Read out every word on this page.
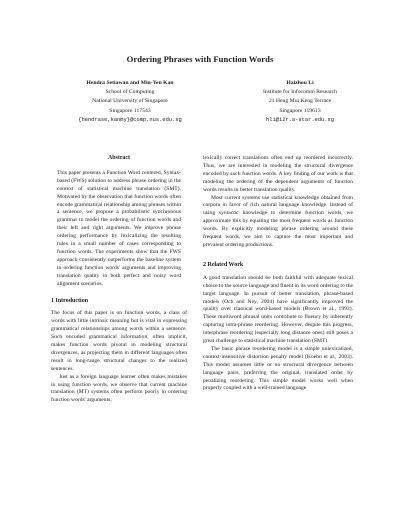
Ordering Phrases with Function Words
Hendra Setiawan and Min-Yen Kan
School of Computing
National University of Singapore
Singapore 117543
{hendrase,kanmy}@comp.nus.edu.sg
Haizhou Li
Institute for Infocomm Research
21 Heng Mui Keng Terrace
Singapore 119613
hli@i2r.a-star.edu.sg
Abstract

This paper presents a Function Word centered, Syntax-based (FWS) solution to address phrase ordering in the context of statistical machine translation (SMT). Motivated by the observation that function words often encode grammatical relationship among phrases within a sentence, we propose a probabilistic synchronous grammar to model the ordering of function words and their left and right arguments. We improve phrase ordering performance by lexicalizing the resulting rules in a small number of cases corresponding to function words. The experiments show that the FWS approach consistently outperforms the baseline system in ordering function words' arguments and improving translation quality in both perfect and noisy word alignment scenarios.

1 Introduction

The focus of this paper is on function words, a class of words with little intrinsic meaning but is vital in expressing grammatical relationships among words within a sentence. Such encoded grammatical information, often implicit, makes function words pivotal in modeling structural divergences, as projecting them in different languages often result in long-range structural changes to the realized sentences.

Just as a foreign language learner often makes mistakes in using function words, we observe that current machine translation (MT) systems often perform poorly in ordering function words' arguments;

lexically correct translations often end up reordered incorrectly. Thus, we are interested in modeling the structural divergence encoded by such function words. A key finding of our work is that modeling the ordering of the dependent arguments of function words results in better translation quality.

Most current systems use statistical knowledge obtained from corpora in favor of rich natural language knowledge. Instead of using syntactic knowledge to determine function words, we approximate this by equating the most frequent words as function words. By explicitly modeling phrase ordering around these frequent words, we aim to capture the most important and prevalent ordering productions.

2 Related Work

A good translation should be both faithful with adequate lexical choice to the source language and fluent in its word ordering to the target language. In pursuit of better translation, phrase-based models (Och and Ney, 2004) have significantly improved the quality over classical word-based models (Brown et al., 1993). These multiword phrasal units contribute to fluency by inherently capturing intra-phrase reordering. However, despite this progress, interphrase reordering (especially long distance ones) still poses a great challenge to statistical machine translation (SMT).

The basic phrase reordering model is a simple unlexicalized, context-insensitive distortion penalty model (Koehn et al., 2003). This model assumes little or no structural divergence between language pairs, preferring the original, translated order by penalizing reordering. This simple model works well when properly coupled with a well-trained language
